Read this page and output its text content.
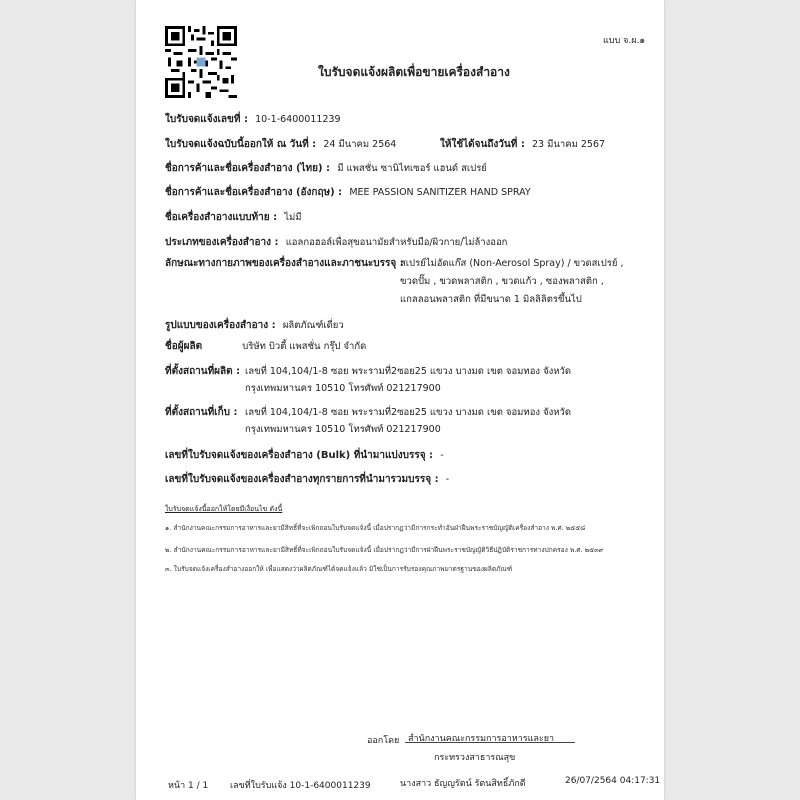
แบบ จ.ผ.๑
ใบรับจดแจ้งผลิตเพื่อขายเครื่องสำอาง
ใบรับจดแจ้งเลขที่ : 10-1-6400011239
ใบรับจดแจ้งฉบับนี้ออกให้ ณ วันที่ : 24 มีนาคม 2564	ให้ใช้ได้จนถึงวันที่ : 23 มีนาคม 2567
ชื่อการค้าและชื่อเครื่องสำอาง (ไทย) : มี แพสชั่น ซานิไทเซอร์ แฮนด์ สเปรย์
ชื่อการค้าและชื่อเครื่องสำอาง (อังกฤษ) : MEE PASSION SANITIZER HAND SPRAY
ชื่อเครื่องสำอางแบบท้าย : ไม่มี
ประเภทของเครื่องสำอาง : แอลกอฮอล์เพื่อสุขอนามัยสำหรับมือ/ผิวกาย/ไม่ล้างออก
ลักษณะทางกายภาพของเครื่องสำอางและภาชนะบรรจุ :
สเปรย์ไม่อัดแก๊ส (Non-Aerosol Spray) / ขวดสเปรย์ ,
ขวดปั๊ม , ขวดพลาสติก , ขวดแก้ว , ซองพลาสติก ,
แกลลอนพลาสติก ที่มีขนาด 1 มิลลิลิตรขึ้นไป
รูปแบบของเครื่องสำอาง : ผลิตภัณฑ์เดี่ยว
ชื่อผู้ผลิต	บริษัท บิวตี้ แพสชั่น กรุ๊ป จำกัด
ที่ตั้งสถานที่ผลิต : เลขที่ 104,104/1-8 ซอย พระรามที่2ซอย25 แขวง บางมด เขต จอมทอง จังหวัด
กรุงเทพมหานคร 10510 โทรศัพท์ 021217900
ที่ตั้งสถานที่เก็บ : เลขที่ 104,104/1-8 ซอย พระรามที่2ซอย25 แขวง บางมด เขต จอมทอง จังหวัด
กรุงเทพมหานคร 10510 โทรศัพท์ 021217900
เลขที่ใบรับจดแจ้งของเครื่องสำอาง (Bulk) ที่นำมาแบ่งบรรจุ : -
เลขที่ใบรับจดแจ้งของเครื่องสำอางทุกรายการที่นำมารวมบรรจุ : -
ใบรับจดแจ้งนี้ออกให้โดยมีเงื่อนไข ดังนี้
๑. สำนักงานคณะกรรมการอาหารและยามีสิทธิ์ที่จะเพิกถอนใบรับจดแจ้งนี้ เมื่อปรากฏว่ามีการกระทำอันฝ่าฝืนพระราชบัญญัติเครื่องสำอาง พ.ศ. ๒๕๕๘
๒. สำนักงานคณะกรรมการอาหารและยามีสิทธิ์ที่จะเพิกถอนใบรับจดแจ้งนี้ เมื่อปรากฏว่ามีการฝ่าฝืนพระราชบัญญัติวิธีปฏิบัติราชการทางปกครอง พ.ศ. ๒๕๓๙
๓. ใบรับจดแจ้งเครื่องสำอางออกให้ เพื่อแสดงว่าผลิตภัณฑ์ได้จดแจ้งแล้ว มิใช่เป็นการรับรองคุณภาพมาตรฐานของผลิตภัณฑ์
ออกโดย สำนักงานคณะกรรมการอาหารและยา
กระทรวงสาธารณสุข
หน้า 1 / 1 เลขที่ใบรับแจ้ง 10-1-6400011239	นางสาว ธัญญรัตน์ รัตนสิทธิ์ภักดี	26/07/2564 04:17:31
